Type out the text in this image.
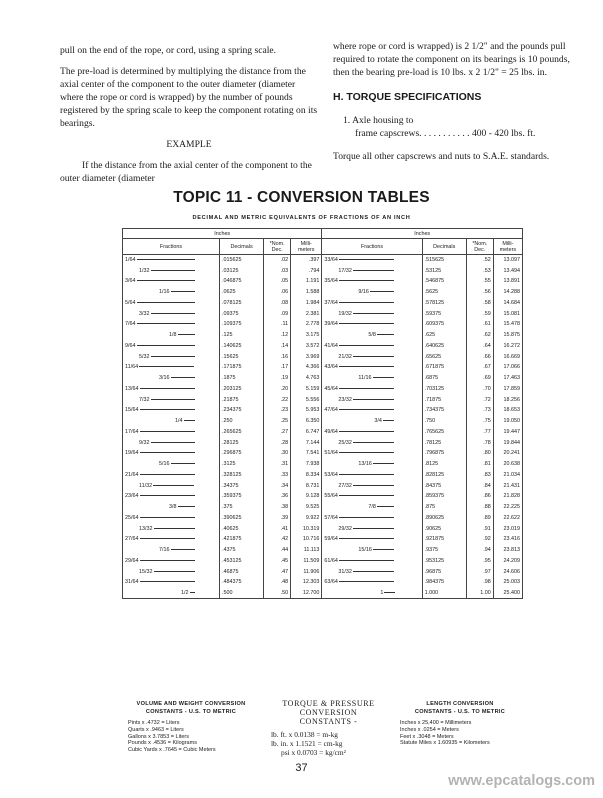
pull on the end of the rope, or cord, using a spring scale.

The pre-load is determined by multiplying the distance from the axial center of the component to the outer diameter (diameter where the rope or cord is wrapped) by the number of pounds registered by the spring scale to keep the component rotating on its bearings.

EXAMPLE

If the distance from the axial center of the component to the outer diameter (diameter

where rope or cord is wrapped) is 2 1/2" and the pounds pull required to rotate the component on its bearings is 10 pounds, then the bearing pre-load is 10 lbs. x 2 1/2" = 25 lbs. in.

H. TORQUE SPECIFICATIONS
1. Axle housing to
frame capscrews. . . . . . . . . . . 400 - 420 lbs. ft.

Torque all other capscrews and nuts to S.A.E. standards.

TOPIC 11 - CONVERSION TABLES
DECIMAL AND METRIC EQUIVALENTS OF FRACTIONS OF AN INCH
Inches				Inches			
Fractions	Decimals	*Nom. Dec.	Milli-meters	Fractions	Decimals	*Nom. Dec.	Milli-meters
1/64	.015625	.02	.397	33/64	.515625	.52	13.097
1/32	.03125	.03	.794	17/32	.53125	.53	13.494
3/64	.046875	.05	1.191	35/64	.546875	.55	13.891
1/16	.0625	.06	1.588	9/16	.5625	.56	14.288
5/64	.078125	.08	1.984	37/64	.578125	.58	14.684
3/32	.09375	.09	2.381	19/32	.59375	.59	15.081
7/64	.109375	.11	2.778	39/64	.609375	.61	15.478
1/8	.125	.12	3.175	5/8	.625	.62	15.875
9/64	.140625	.14	3.572	41/64	.640625	.64	16.272
5/32	.15625	.16	3.969	21/32	.65625	.66	16.669
11/64	.171875	.17	4.366	43/64	.671875	.67	17.066
3/16	.1875	.19	4.763	11/16	.6875	.69	17.463
13/64	.203125	.20	5.159	45/64	.703125	.70	17.859
7/32	.21875	.22	5.556	23/32	.71875	.72	18.256
15/64	.234375	.23	5.953	47/64	.734375	.73	18.653
1/4	.250	.25	6.350	3/4	.750	.75	19.050
17/64	.265625	.27	6.747	49/64	.765625	.77	19.447
9/32	.28125	.28	7.144	25/32	.78125	.78	19.844
19/64	.296875	.30	7.541	51/64	.796875	.80	20.241
5/16	.3125	.31	7.938	13/16	.8125	.81	20.638
21/64	.328125	.33	8.334	53/64	.828125	.83	21.034
11/32	.34375	.34	8.731	27/32	.84375	.84	21.431
23/64	.359375	.36	9.128	55/64	.859375	.86	21.828
3/8	.375	.38	9.525	7/8	.875	.88	22.225
25/64	.390625	.39	9.922	57/64	.890625	.89	22.622
13/32	.40625	.41	10.319	29/32	.90625	.91	23.019
27/64	.421875	.42	10.716	59/64	.921875	.92	23.416
7/16	.4375	.44	11.113	15/16	.9375	.94	23.813
29/64	.453125	.45	11.509	61/64	.953125	.95	24.209
15/32	.46875	.47	11.906	31/32	.96875	.97	24.606
31/64	.484375	.48	12.303	63/64	.984375	.98	25.003
1/2	.500	.50	12.700	1	1.000	1.00	25.400
VOLUME AND WEIGHT CONVERSION
CONSTANTS - U.S. TO METRIC
Pints x .4732 = Liters
Quarts x .9463 = Liters
Gallons x 3.7853 = Liters
Pounds x .4536 = Kilograms
Cubic Yards x .7645 = Cubic Meters
TORQUE & PRESSURE
CONVERSION
CONSTANTS -
lb. ft. x 0.0138 = m-kg
lb. in. x 1.1521 = cm-kg
psi x 0.0703 = kg/cm²
LENGTH CONVERSION
CONSTANTS - U.S. TO METRIC
Inches x 25,400 = Millimeters
Inches x .0254 = Meters
Feet x .3048 = Meters
Statute Miles x 1.60935 = Kilometers
37
www.epcatalogs.com
